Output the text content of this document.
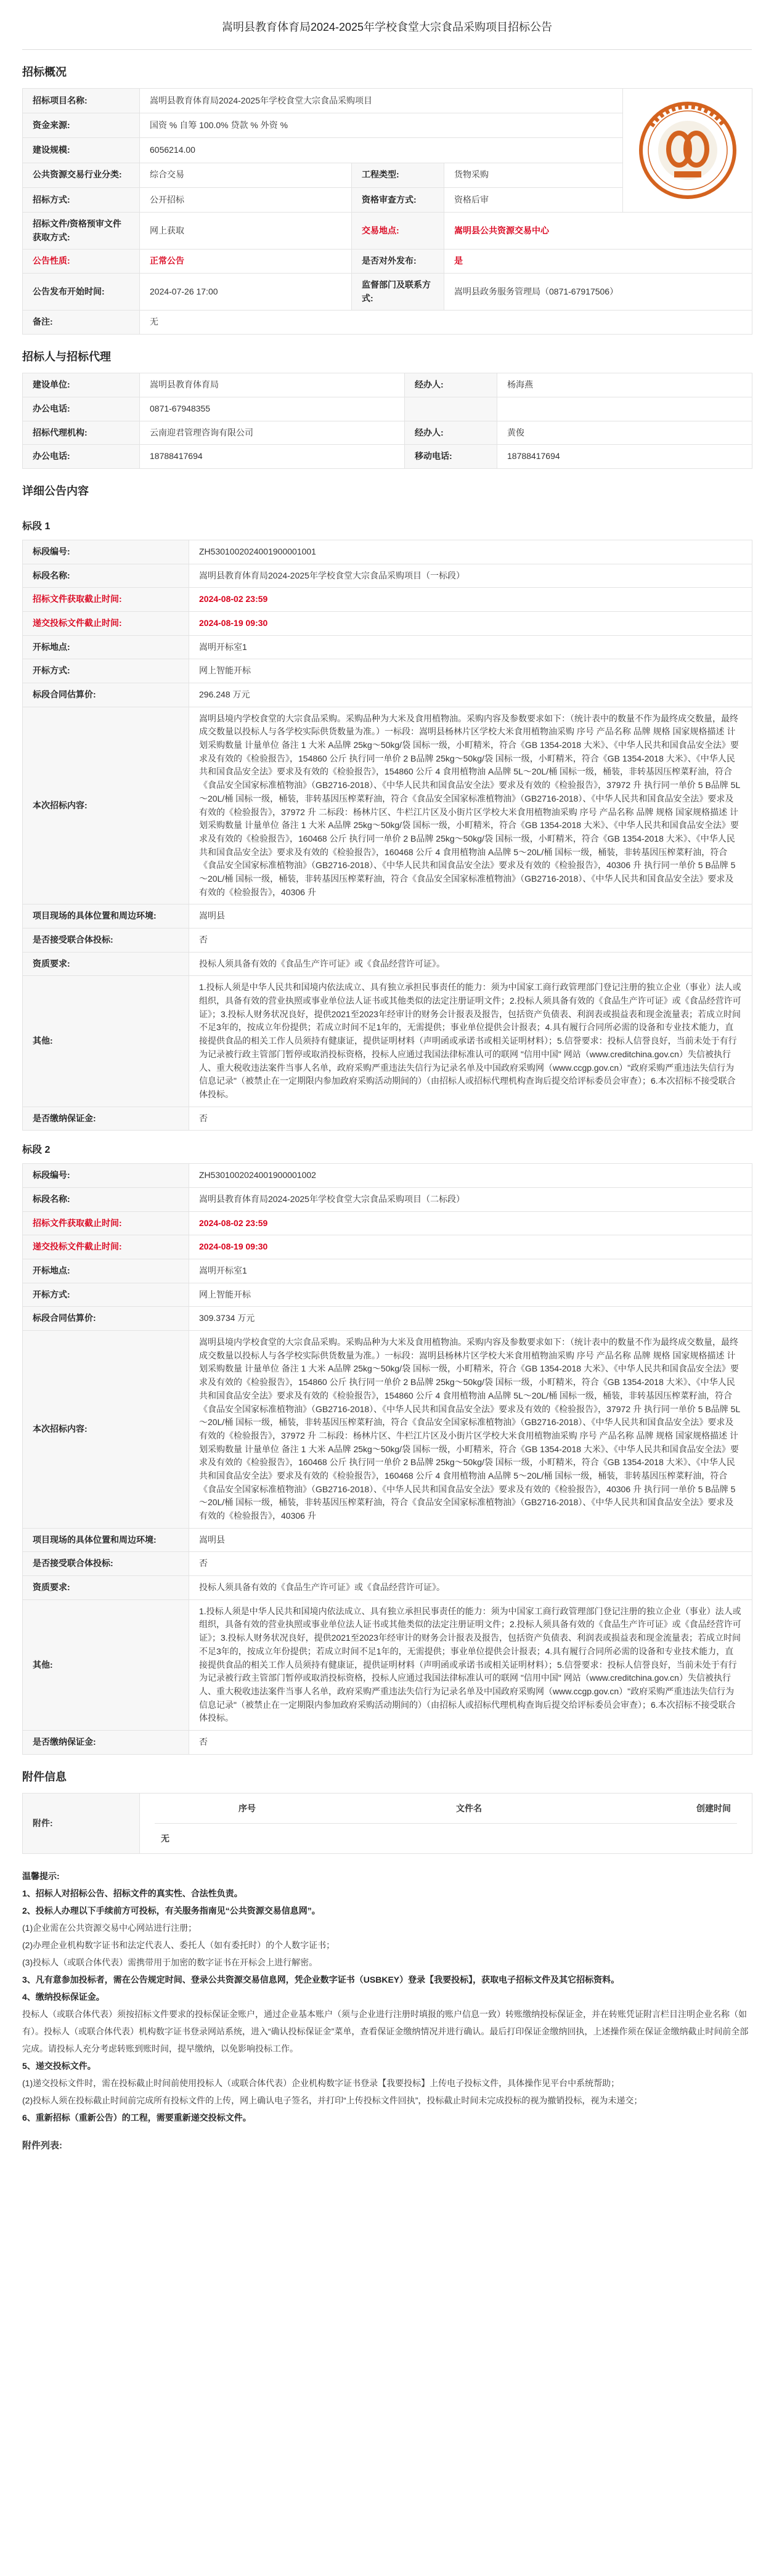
嵩明县教育体育局2024-2025年学校食堂大宗食品采购项目招标公告
招标概况
招标项目名称:	嵩明县教育体育局2024-2025年学校食堂大宗食品采购项目	

资金来源:	国资 % 自筹 100.0% 贷款 % 外资 %			
建设规模:	6056214.00			
公共资源交易行业分类:	综合交易	工程类型:	货物采购	
招标方式:	公开招标	资格审查方式:	资格后审	
招标文件/资格预审文件获取方式:	网上获取	交易地点:	嵩明县公共资源交易中心	
公告性质:	正常公告	是否对外发布:	是	
公告发布开始时间:	2024-07-26 17:00	监督部门及联系方式:	嵩明县政务服务管理局（0871-67917506）	
备注:	无			
招标人与招标代理
建设单位:	嵩明县教育体育局	经办人:	杨海燕
办公电话:	0871-67948355		
招标代理机构:	云南迎君管理咨询有限公司	经办人:	黄俊
办公电话:	18788417694	移动电话:	18788417694
详细公告内容
标段 1
标段编号:	ZH5301002024001900001001
标段名称:	嵩明县教育体育局2024-2025年学校食堂大宗食品采购项目（一标段）
招标文件获取截止时间:	2024-08-02 23:59
递交投标文件截止时间:	2024-08-19 09:30
开标地点:	嵩明开标室1
开标方式:	网上智能开标
标段合同估算价:	296.248 万元
本次招标内容:	嵩明县境内学校食堂的大宗食品采购。采购品种为大米及食用植物油。采购内容及参数要求如下：（统计表中的数量不作为最终成交数量，最终成交数量以投标人与各学校实际供货数量为准。）一标段：嵩明县杨林片区学校大米食用植物油采购 序号 产品名称 品牌 规格 国家规格描述 计划采购数量 计量单位 备注 1 大米 A品牌 25kg～50kg/袋 国标一级，小町精米，符合《GB 1354-2018 大米》、《中华人民共和国食品安全法》要求及有效的《检验报告》，154860 公斤 执行同一单价 2 B品牌 25kg～50kg/袋 国标一级，小町精米，符合《GB 1354-2018 大米》、《中华人民共和国食品安全法》要求及有效的《检验报告》，154860 公斤 4 食用植物油 A品牌 5L～20L/桶 国标一级，桶装，非转基因压榨菜籽油，符合《食品安全国家标准植物油》（GB2716-2018）、《中华人民共和国食品安全法》要求及有效的《检验报告》，37972 升 执行同一单价 5 B品牌 5L～20L/桶 国标一级，桶装，非转基因压榨菜籽油，符合《食品安全国家标准植物油》（GB2716-2018）、《中华人民共和国食品安全法》要求及有效的《检验报告》，37972 升 二标段：杨林片区、牛栏江片区及小街片区学校大米食用植物油采购 序号 产品名称 品牌 规格 国家规格描述 计划采购数量 计量单位 备注 1 大米 A品牌 25kg～50kg/袋 国标一级，小町精米，符合《GB 1354-2018 大米》、《中华人民共和国食品安全法》要求及有效的《检验报告》，160468 公斤 执行同一单价 2 B品牌 25kg～50kg/袋 国标一级，小町精米，符合《GB 1354-2018 大米》、《中华人民共和国食品安全法》要求及有效的《检验报告》，160468 公斤 4 食用植物油 A品牌 5～20L/桶 国标一级，桶装，非转基因压榨菜籽油，符合《食品安全国家标准植物油》（GB2716-2018）、《中华人民共和国食品安全法》要求及有效的《检验报告》，40306 升 执行同一单价 5 B品牌 5～20L/桶 国标一级，桶装，非转基因压榨菜籽油，符合《食品安全国家标准植物油》（GB2716-2018）、《中华人民共和国食品安全法》要求及有效的《检验报告》，40306 升
项目现场的具体位置和周边环境:	嵩明县
是否接受联合体投标:	否
资质要求:	投标人须具备有效的《食品生产许可证》或《食品经营许可证》。
其他:	1.投标人须是中华人民共和国境内依法成立、具有独立承担民事责任的能力：须为中国家工商行政管理部门登记注册的独立企业（事业）法人或组织，具备有效的营业执照或事业单位法人证书或其他类似的法定注册证明文件；2.投标人须具备有效的《食品生产许可证》或《食品经营许可证》；3.投标人财务状况良好，提供2021至2023年经审计的财务会计报表及报告，包括资产负债表、利润表或损益表和现金流量表；若成立时间不足3年的，按成立年份提供；若成立时间不足1年的，无需提供；事业单位提供会计报表；4.具有履行合同所必需的设备和专业技术能力，直接提供食品的相关工作人员须持有健康证，提供证明材料（声明函或承诺书或相关证明材料）；5.信誉要求：投标人信誉良好，当前未处于有行为记录被行政主管部门暂停或取消投标资格，投标人应通过我国法律标准认可的联网 "信用中国" 网站（www.creditchina.gov.cn）失信被执行人、重大税收违法案件当事人名单，政府采购严重违法失信行为记录名单及中国政府采购网（www.ccgp.gov.cn）"政府采购严重违法失信行为信息记录"（被禁止在一定期限内参加政府采购活动期间的）（由招标人或招标代理机构查询后提交给评标委员会审查）；6.本次招标不接受联合体投标。
是否缴纳保证金:	否
标段 2
标段编号:	ZH5301002024001900001002
标段名称:	嵩明县教育体育局2024-2025年学校食堂大宗食品采购项目（二标段）
招标文件获取截止时间:	2024-08-02 23:59
递交投标文件截止时间:	2024-08-19 09:30
开标地点:	嵩明开标室1
开标方式:	网上智能开标
标段合同估算价:	309.3734 万元
本次招标内容:	嵩明县境内学校食堂的大宗食品采购。采购品种为大米及食用植物油。采购内容及参数要求如下：（统计表中的数量不作为最终成交数量，最终成交数量以投标人与各学校实际供货数量为准。）一标段：嵩明县杨林片区学校大米食用植物油采购 序号 产品名称 品牌 规格 国家规格描述 计划采购数量 计量单位 备注 1 大米 A品牌 25kg～50kg/袋 国标一级，小町精米，符合《GB 1354-2018 大米》、《中华人民共和国食品安全法》要求及有效的《检验报告》，154860 公斤 执行同一单价 2 B品牌 25kg～50kg/袋 国标一级，小町精米，符合《GB 1354-2018 大米》、《中华人民共和国食品安全法》要求及有效的《检验报告》，154860 公斤 4 食用植物油 A品牌 5L～20L/桶 国标一级，桶装，非转基因压榨菜籽油，符合《食品安全国家标准植物油》（GB2716-2018）、《中华人民共和国食品安全法》要求及有效的《检验报告》，37972 升 执行同一单价 5 B品牌 5L～20L/桶 国标一级，桶装，非转基因压榨菜籽油，符合《食品安全国家标准植物油》（GB2716-2018）、《中华人民共和国食品安全法》要求及有效的《检验报告》，37972 升 二标段：杨林片区、牛栏江片区及小街片区学校大米食用植物油采购 序号 产品名称 品牌 规格 国家规格描述 计划采购数量 计量单位 备注 1 大米 A品牌 25kg～50kg/袋 国标一级，小町精米，符合《GB 1354-2018 大米》、《中华人民共和国食品安全法》要求及有效的《检验报告》，160468 公斤 执行同一单价 2 B品牌 25kg～50kg/袋 国标一级，小町精米，符合《GB 1354-2018 大米》、《中华人民共和国食品安全法》要求及有效的《检验报告》，160468 公斤 4 食用植物油 A品牌 5～20L/桶 国标一级，桶装，非转基因压榨菜籽油，符合《食品安全国家标准植物油》（GB2716-2018）、《中华人民共和国食品安全法》要求及有效的《检验报告》，40306 升 执行同一单价 5 B品牌 5～20L/桶 国标一级，桶装，非转基因压榨菜籽油，符合《食品安全国家标准植物油》（GB2716-2018）、《中华人民共和国食品安全法》要求及有效的《检验报告》，40306 升
项目现场的具体位置和周边环境:	嵩明县
是否接受联合体投标:	否
资质要求:	投标人须具备有效的《食品生产许可证》或《食品经营许可证》。
其他:	1.投标人须是中华人民共和国境内依法成立、具有独立承担民事责任的能力：须为中国家工商行政管理部门登记注册的独立企业（事业）法人或组织，具备有效的营业执照或事业单位法人证书或其他类似的法定注册证明文件；2.投标人须具备有效的《食品生产许可证》或《食品经营许可证》；3.投标人财务状况良好，提供2021至2023年经审计的财务会计报表及报告，包括资产负债表、利润表或损益表和现金流量表；若成立时间不足3年的，按成立年份提供；若成立时间不足1年的，无需提供；事业单位提供会计报表；4.具有履行合同所必需的设备和专业技术能力，直接提供食品的相关工作人员须持有健康证，提供证明材料（声明函或承诺书或相关证明材料）；5.信誉要求：投标人信誉良好，当前未处于有行为记录被行政主管部门暂停或取消投标资格，投标人应通过我国法律标准认可的联网 "信用中国" 网站（www.creditchina.gov.cn）失信被执行人、重大税收违法案件当事人名单，政府采购严重违法失信行为记录名单及中国政府采购网（www.ccgp.gov.cn）"政府采购严重违法失信行为信息记录"（被禁止在一定期限内参加政府采购活动期间的）（由招标人或招标代理机构查询后提交给评标委员会审查）；6.本次招标不接受联合体投标。
是否缴纳保证金:	否
附件信息
附件:	
序号	文件名	创建时间
无
温馨提示:
1、招标人对招标公告、招标文件的真实性、合法性负责。
2、投标人办理以下手续前方可投标，有关服务指南见“公共资源交易信息网”。
(1)企业需在公共资源交易中心网站进行注册；
(2)办理企业机构数字证书和法定代表人、委托人（如有委托时）的个人数字证书；
(3)投标人（或联合体代表）需携带用于加密的数字证书在开标会上进行解密。
3、凡有意参加投标者，需在公告规定时间、登录公共资源交易信息网，凭企业数字证书（USBKEY）登录【我要投标】，获取电子招标文件及其它招标资料。
4、缴纳投标保证金。
投标人（或联合体代表）须按招标文件要求的投标保证金账户，通过企业基本账户（须与企业进行注册时填报的账户信息一致）转账缴纳投标保证金，并在转账凭证附言栏目注明企业名称（如有）。投标人（或联合体代表）机构数字证书登录网站系统，进入“确认投标保证金”菜单，查看保证金缴纳情况并进行确认。最后打印保证金缴纳回执，上述操作须在保证金缴纳截止时间前全部完成。请投标人充分考虑转账到账时间，提早缴纳，以免影响投标工作。
5、递交投标文件。
(1)递交投标文件时，需在投标截止时间前使用投标人（或联合体代表）企业机构数字证书登录【我要投标】上传电子投标文件，具体操作见平台中系统帮助；
(2)投标人须在投标截止时间前完成所有投标文件的上传，网上确认电子签名，并打印“上传投标文件回执”，投标截止时间未完成投标的视为撤销投标，视为未递交；
6、重新招标（重新公告）的工程，需要重新递交投标文件。
附件列表:
